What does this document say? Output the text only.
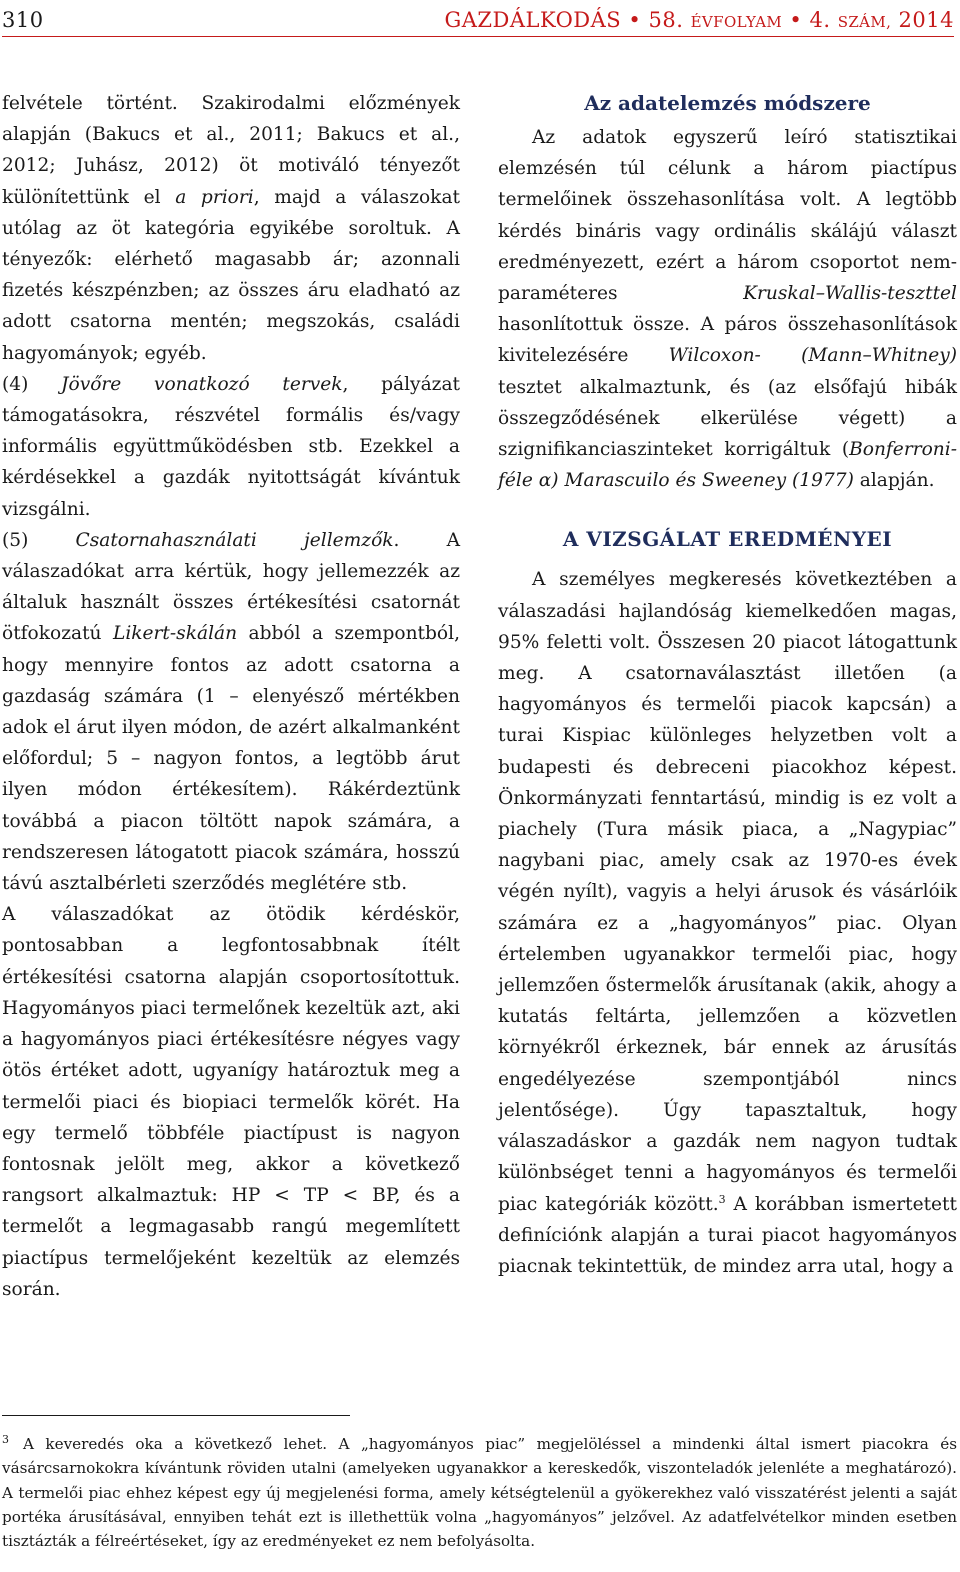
310	GAZDÁLKODÁS • 58. ÉVFOLYAM • 4. SZÁM, 2014

felvétele történt. Szakirodalmi előzmények alapján (Bakucs et al., 2011; Bakucs et al., 2012; Juhász, 2012) öt motiváló tényezőt különítettünk el a priori, majd a válaszokat utólag az öt kategória egyikébe soroltuk. A tényezők: elérhető magasabb ár; azonnali fizetés készpénzben; az összes áru eladható az adott csatorna mentén; megszokás, családi hagyományok; egyéb.

(4) Jövőre vonatkozó tervek, pályázat támogatásokra, részvétel formális és/vagy informális együttműködésben stb. Ezekkel a kérdésekkel a gazdák nyitottságát kívántuk vizsgálni.

(5) Csatornahasználati jellemzők. A válaszadókat arra kértük, hogy jellemezzék az általuk használt összes értékesítési csatornát ötfokozatú Likert-skálán abból a szempontból, hogy mennyire fontos az adott csatorna a gazdaság számára (1 – elenyésző mértékben adok el árut ilyen módon, de azért alkalmanként előfordul; 5 – nagyon fontos, a legtöbb árut ilyen módon értékesítem). Rákérdeztünk továbbá a piacon töltött napok számára, a rendszeresen látogatott piacok számára, hosszú távú asztalbérleti szerződés meglétére stb.

A válaszadókat az ötödik kérdéskör, pontosabban a legfontosabbnak ítélt értékesítési csatorna alapján csoportosítottuk. Hagyományos piaci termelőnek kezeltük azt, aki a hagyományos piaci értékesítésre négyes vagy ötös értéket adott, ugyanígy határoztuk meg a termelői piaci és biopiaci termelők körét. Ha egy termelő többféle piactípust is nagyon fontosnak jelölt meg, akkor a következő rangsort alkalmaztuk: HP < TP < BP, és a termelőt a legmagasabb rangú megemlített piactípus termelőjeként kezeltük az elemzés során.

Az adatelemzés módszere

Az adatok egyszerű leíró statisztikai elemzésén túl célunk a három piactípus termelőinek összehasonlítása volt. A legtöbb kérdés bináris vagy ordinális skálájú választ eredményezett, ezért a három csoportot nem-paraméteres Kruskal–Wallis-teszttel hasonlítottuk össze. A páros összehasonlítások kivitelezésére Wilcoxon- (Mann–Whitney) tesztet alkalmaztunk, és (az elsőfajú hibák összegződésének elkerülése végett) a szignifikanciaszinteket korrigáltuk (Bonferroni-féle α) Marascuilo és Sweeney (1977) alapján.

A VIZSGÁLAT EREDMÉNYEI

A személyes megkeresés következtében a válaszadási hajlandóság kiemelkedően magas, 95% feletti volt. Összesen 20 piacot látogattunk meg. A csatornaválasztást illetően (a hagyományos és termelői piacok kapcsán) a turai Kispiac különleges helyzetben volt a budapesti és debreceni piacokhoz képest. Önkormányzati fenntartású, mindig is ez volt a piachely (Tura másik piaca, a „Nagypiac” nagybani piac, amely csak az 1970-es évek végén nyílt), vagyis a helyi árusok és vásárlóik számára ez a „hagyományos” piac. Olyan értelemben ugyanakkor termelői piac, hogy jellemzően őstermelők árusítanak (akik, ahogy a kutatás feltárta, jellemzően a közvetlen környékről érkeznek, bár ennek az árusítás engedélyezése szempontjából nincs jelentősége). Úgy tapasztaltuk, hogy válaszadáskor a gazdák nem nagyon tudtak különbséget tenni a hagyományos és termelői piac kategóriák között.$^3$ A korábban ismertetett definíciónk alapján a turai piacot hagyományos piacnak tekintettük, de mindez arra utal, hogy a

$^3$ A keveredés oka a következő lehet. A „hagyományos piac” megjelöléssel a mindenki által ismert piacokra és vásárcsarnokokra kívántunk röviden utalni (amelyeken ugyanakkor a kereskedők, viszonteladók jelenléte a meghatározó). A termelői piac ehhez képest egy új megjelenési forma, amely kétségtelenül a gyökerekhez való visszatérést jelenti a saját portéka árusításával, ennyiben tehát ezt is illethettük volna „hagyományos” jelzővel. Az adatfelvételkor minden esetben tisztázták a félreértéseket, így az eredményeket ez nem befolyásolta.
